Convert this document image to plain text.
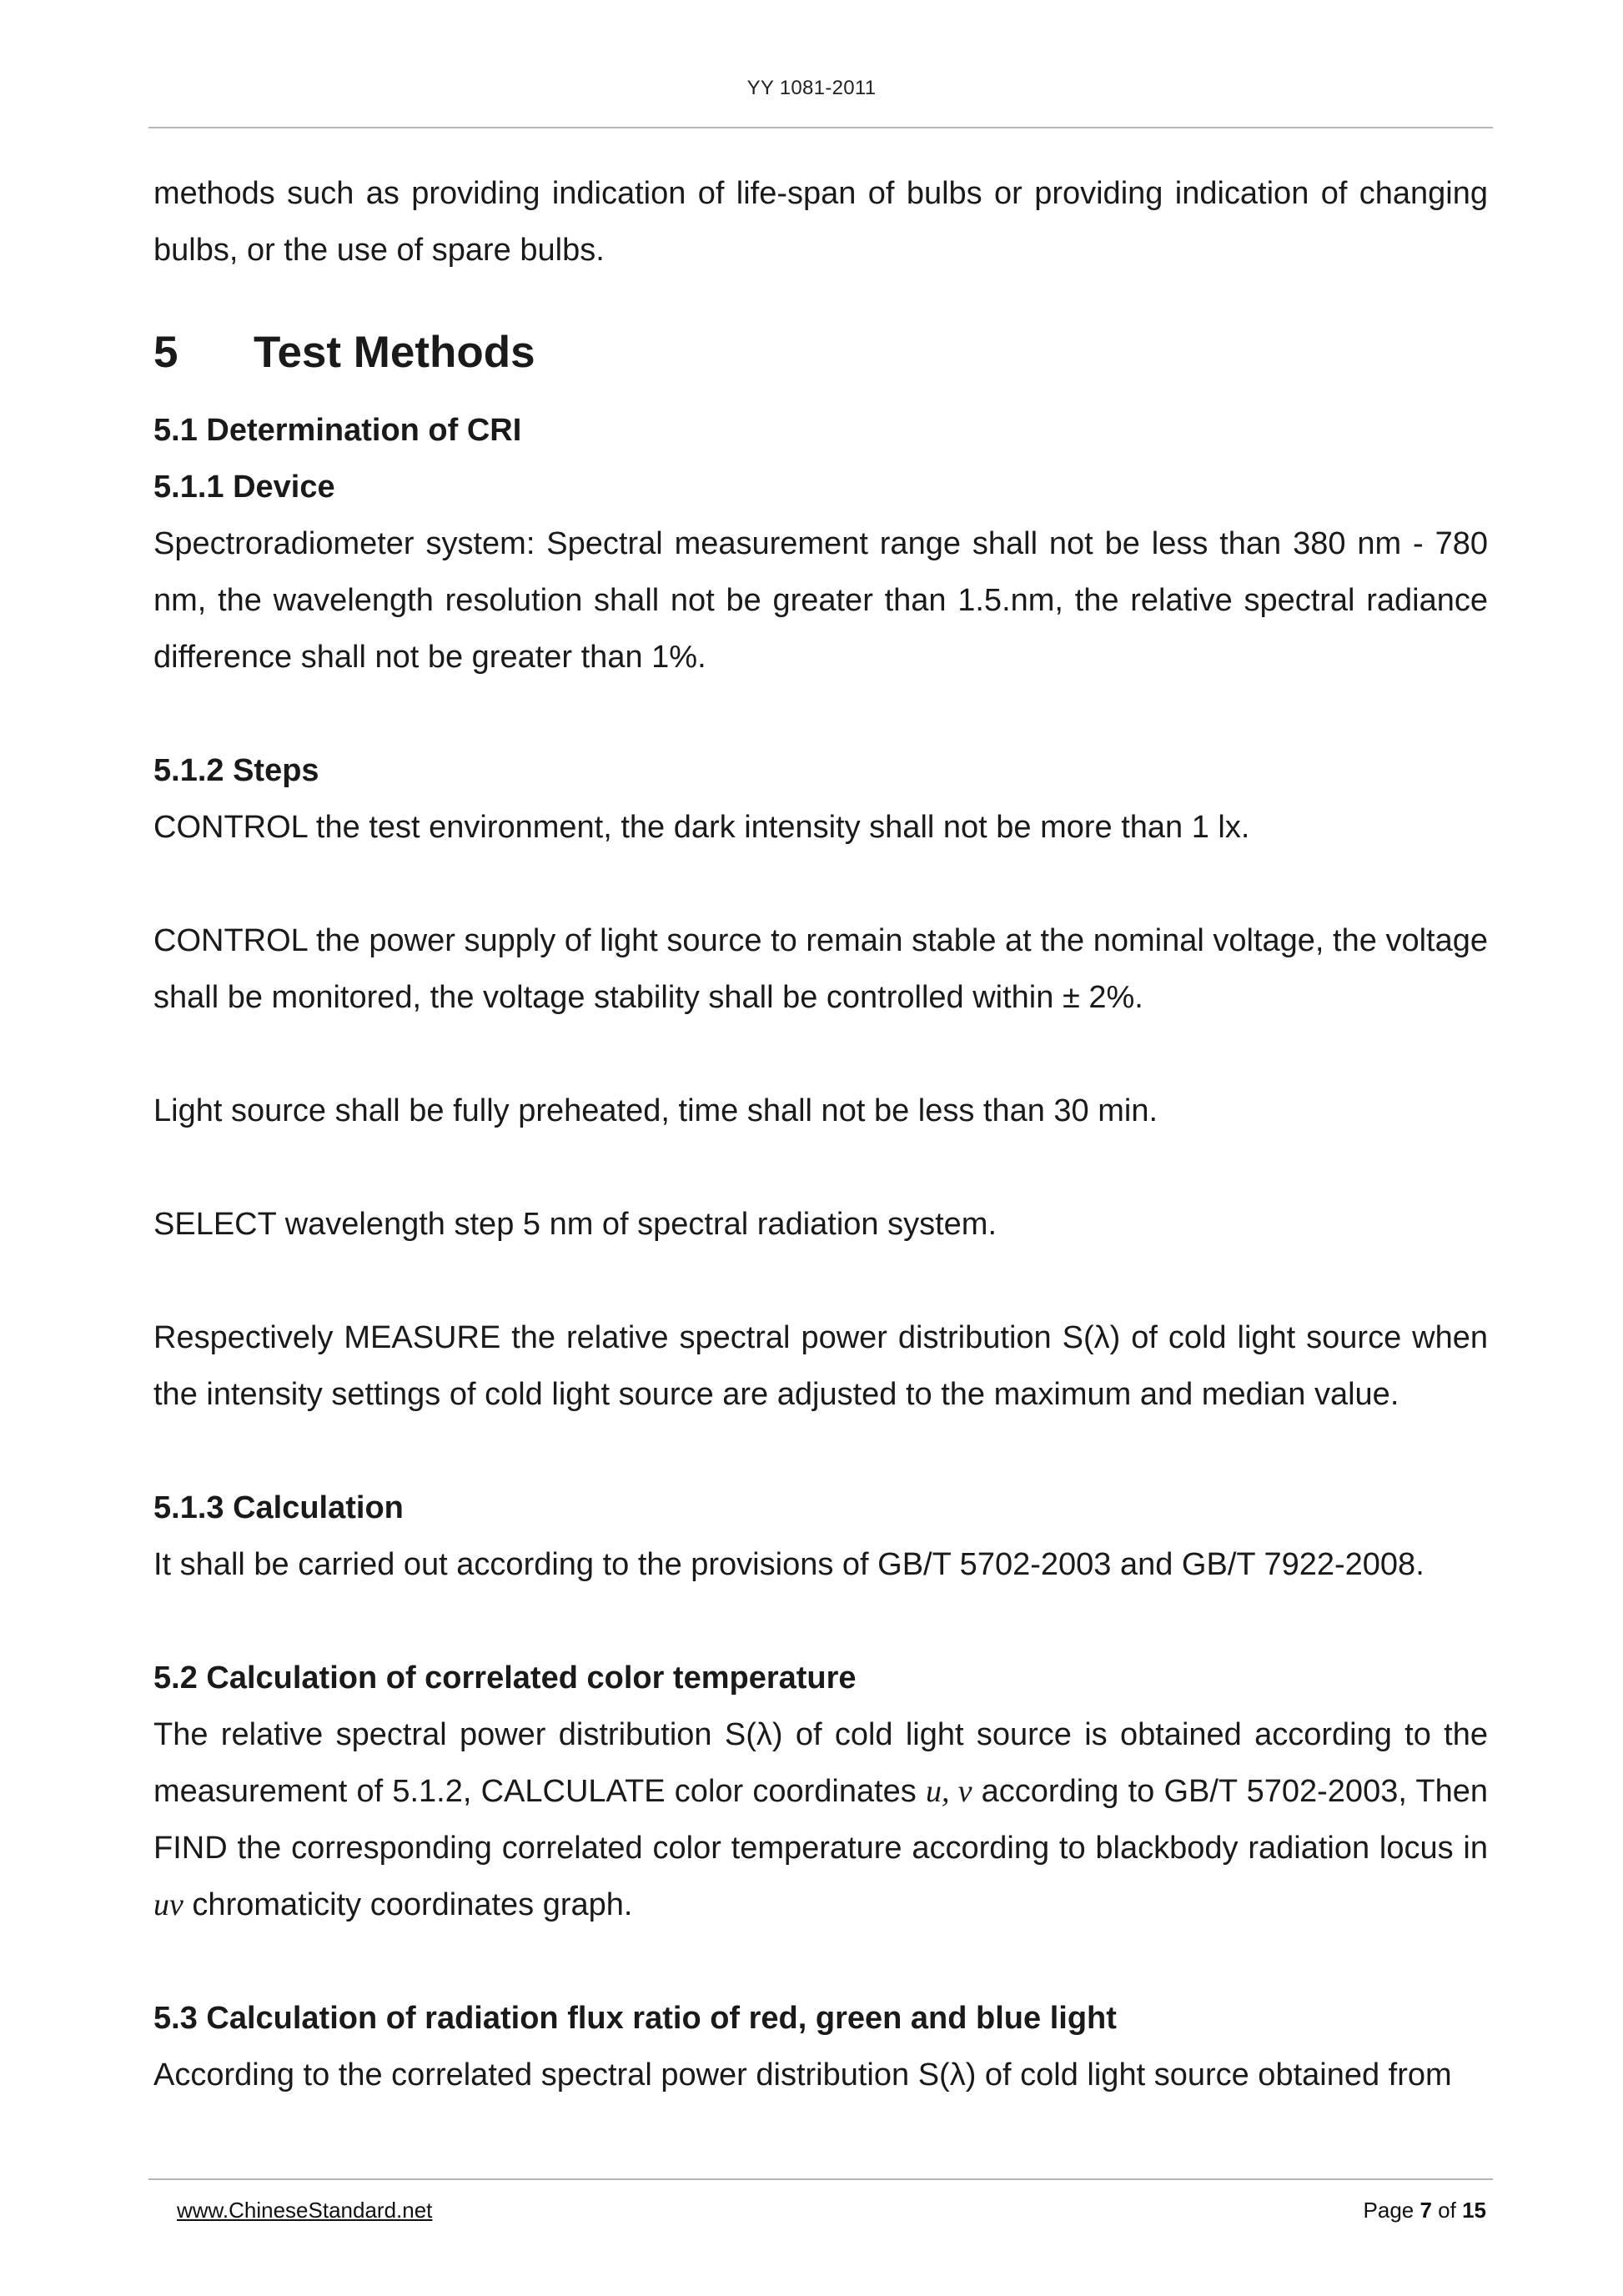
YY 1081-2011

methods such as providing indication of life-span of bulbs or providing indication of changing bulbs, or the use of spare bulbs.

5 Test Methods

5.1 Determination of CRI

5.1.1 Device

Spectroradiometer system: Spectral measurement range shall not be less than 380 nm - 780 nm, the wavelength resolution shall not be greater than 1.5.nm, the relative spectral radiance difference shall not be greater than 1%.

5.1.2 Steps

CONTROL the test environment, the dark intensity shall not be more than 1 lx.

CONTROL the power supply of light source to remain stable at the nominal voltage, the voltage shall be monitored, the voltage stability shall be controlled within ± 2%.

Light source shall be fully preheated, time shall not be less than 30 min.

SELECT wavelength step 5 nm of spectral radiation system.

Respectively MEASURE the relative spectral power distribution S(λ) of cold light source when the intensity settings of cold light source are adjusted to the maximum and median value.

5.1.3 Calculation

It shall be carried out according to the provisions of GB/T 5702-2003 and GB/T 7922-2008.

5.2 Calculation of correlated color temperature

The relative spectral power distribution S(λ) of cold light source is obtained according to the measurement of 5.1.2, CALCULATE color coordinates u, v according to GB/T 5702-2003, Then FIND the corresponding correlated color temperature according to blackbody radiation locus in uv chromaticity coordinates graph.

5.3 Calculation of radiation flux ratio of red, green and blue light

According to the correlated spectral power distribution S(λ) of cold light source obtained from

www.ChineseStandard.net	Page 7 of 15
